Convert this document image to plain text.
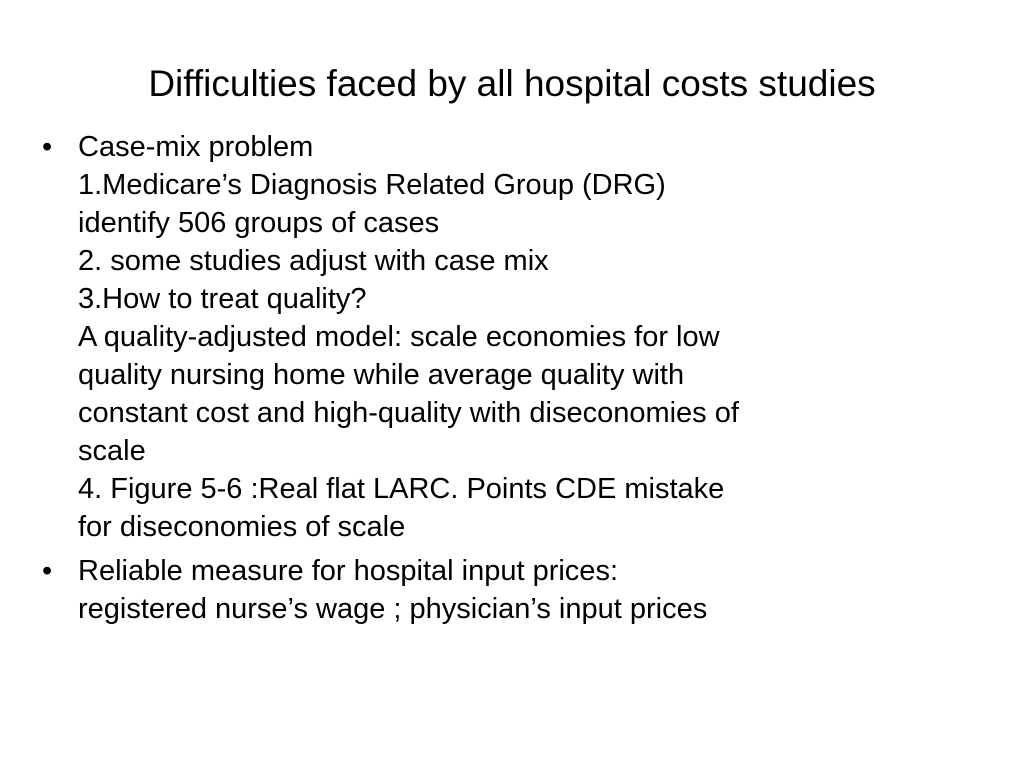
Difficulties faced by all hospital costs studies
• Case-mix problem
1.Medicare’s Diagnosis Related Group (DRG)
identify 506 groups of cases
2. some studies adjust with case mix
3.How to treat quality?
A quality-adjusted model: scale economies for low
quality nursing home while average quality with
constant cost and high-quality with diseconomies of
scale
4. Figure 5-6 :Real flat LARC. Points CDE mistake
for diseconomies of scale
• Reliable measure for hospital input prices:
registered nurse’s wage ; physician’s input prices
